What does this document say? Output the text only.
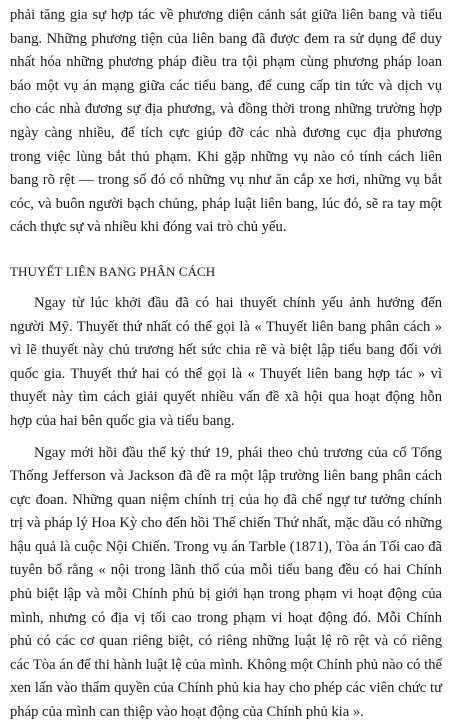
phải tăng gia sự hợp tác về phương diện cảnh sát giữa liên bang và tiểu bang. Những phương tiện của liên bang đã được đem ra sử dụng để duy nhất hóa những phương pháp điều tra tội phạm cùng phương pháp loan báo một vụ án mạng giữa các tiểu bang, để cung cấp tin tức và dịch vụ cho các nhà đương sự địa phương, và đồng thời trong những trường hợp ngày càng nhiều, để tích cực giúp đỡ các nhà đương cục địa phương trong việc lùng bắt thủ phạm. Khi gặp những vụ nào có tính cách liên bang rõ rệt — trong số đó có những vụ như ăn cắp xe hơi, những vụ bắt cóc, và buôn người bạch chủng, pháp luật liên bang, lúc đó, sẽ ra tay một cách thực sự và nhiều khi đóng vai trò chủ yếu.

THUYẾT LIÊN BANG PHÂN CÁCH

Ngay từ lúc khởi đầu đã có hai thuyết chính yếu ảnh hưởng đến người Mỹ. Thuyết thứ nhất có thể gọi là « Thuyết liên bang phân cách » vì lẽ thuyết này chủ trương hết sức chia rẽ và biệt lập tiểu bang đối với quốc gia. Thuyết thứ hai có thể gọi là « Thuyết liên bang hợp tác » vì thuyết này tìm cách giải quyết nhiều vấn đề xã hội qua hoạt động hỗn hợp của hai bên quốc gia và tiểu bang.

Ngay mới hồi đầu thế kỷ thứ 19, phái theo chủ trương của cố Tổng Thống Jefferson và Jackson đã đề ra một lập trường liên bang phân cách cực đoan. Những quan niệm chính trị của họ đã chế ngự tư tưởng chính trị và pháp lý Hoa Kỳ cho đến hồi Thế chiến Thứ nhất, mặc dầu có những hậu quả là cuộc Nội Chiến. Trong vụ án Tarble (1871), Tòa án Tối cao đã tuyên bố rằng « nội trong lãnh thổ của mỗi tiểu bang đều có hai Chính phủ biệt lập và mỗi Chính phủ bị giới hạn trong phạm vi hoạt động của mình, nhưng có địa vị tối cao trong phạm vi hoạt động đó. Mỗi Chính phủ có các cơ quan riêng biệt, có riêng những luật lệ rõ rệt và có riêng các Tòa án để thi hành luật lệ của mình. Không một Chính phủ nào có thể xen lấn vào thẩm quyền của Chính phủ kia hay cho phép các viên chức tư pháp của mình can thiệp vào hoạt động của Chính phủ kia ».
